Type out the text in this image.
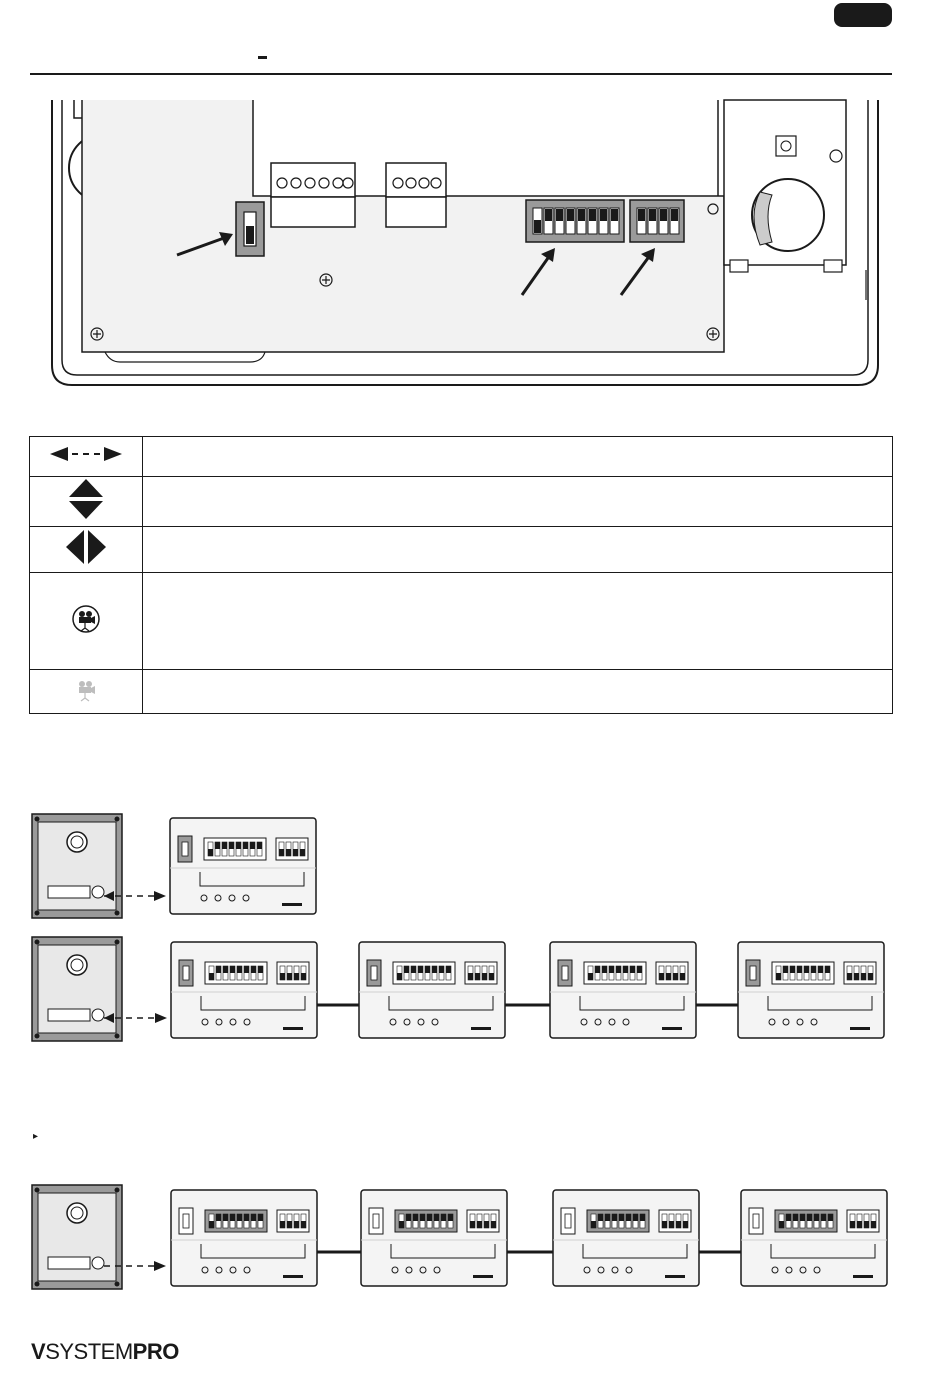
▸
VSYSTEMPRO
